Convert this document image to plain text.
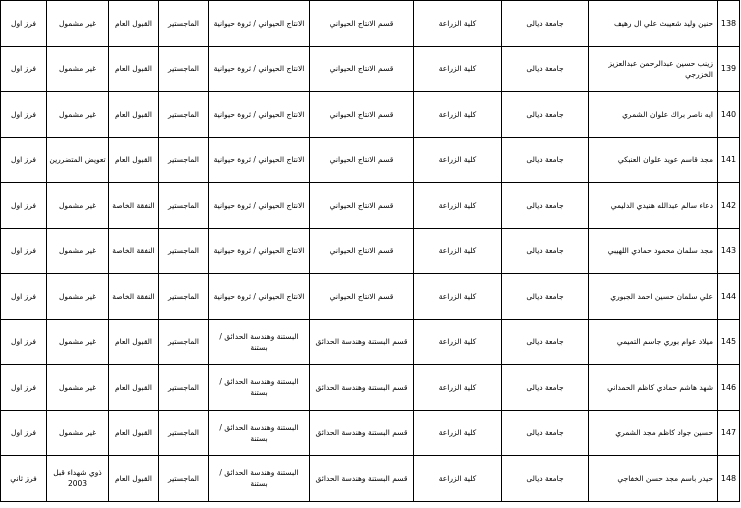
138	حنين وليد شعيبث علي ال رهيف	جامعة ديالى	كلية الزراعة	قسم الانتاج الحيواني	الانتاج الحيواني / ثروة حيوانية	الماجستير	القبول العام	غير مشمول	فرز اول
139	زينب حسين عبدالرحمن عبدالعزيز الخزرجي	جامعة ديالى	كلية الزراعة	قسم الانتاج الحيواني	الانتاج الحيواني / ثروة حيوانية	الماجستير	القبول العام	غير مشمول	فرز اول
140	ايه ناصر براك علوان الشمري	جامعة ديالى	كلية الزراعة	قسم الانتاج الحيواني	الانتاج الحيواني / ثروة حيوانية	الماجستير	القبول العام	غير مشمول	فرز اول
141	مجد قاسم عويد علوان العنبكي	جامعة ديالى	كلية الزراعة	قسم الانتاج الحيواني	الانتاج الحيواني / ثروة حيوانية	الماجستير	القبول العام	تعويض المتضررين	فرز اول
142	دعاء سالم عبدالله هنيدي الدليمي	جامعة ديالى	كلية الزراعة	قسم الانتاج الحيواني	الانتاج الحيواني / ثروة حيوانية	الماجستير	النفقة الخاصة	غير مشمول	فرز اول
143	مجد سلمان محمود حمادي اللهيبي	جامعة ديالى	كلية الزراعة	قسم الانتاج الحيواني	الانتاج الحيواني / ثروة حيوانية	الماجستير	النفقة الخاصة	غير مشمول	فرز اول
144	علي سلمان حسين احمد الجبوري	جامعة ديالى	كلية الزراعة	قسم الانتاج الحيواني	الانتاج الحيواني / ثروة حيوانية	الماجستير	النفقة الخاصة	غير مشمول	فرز اول
145	ميلاد عوام بوري جاسم التميمي	جامعة ديالى	كلية الزراعة	قسم البستنة وهندسة الحدائق	البستنة وهندسة الحدائق / بستنة	الماجستير	القبول العام	غير مشمول	فرز اول
146	شهد هاشم حمادي كاظم الحمداني	جامعة ديالى	كلية الزراعة	قسم البستنة وهندسة الحدائق	البستنة وهندسة الحدائق / بستنة	الماجستير	القبول العام	غير مشمول	فرز اول
147	حسين جواد كاظم مجد الشمري	جامعة ديالى	كلية الزراعة	قسم البستنة وهندسة الحدائق	البستنة وهندسة الحدائق / بستنة	الماجستير	القبول العام	غير مشمول	فرز اول
148	حيدر باسم مجد حسن الخفاجي	جامعة ديالى	كلية الزراعة	قسم البستنة وهندسة الحدائق	البستنة وهندسة الحدائق / بستنة	الماجستير	القبول العام	ذوي شهداء قبل 2003	فرز ثاني
